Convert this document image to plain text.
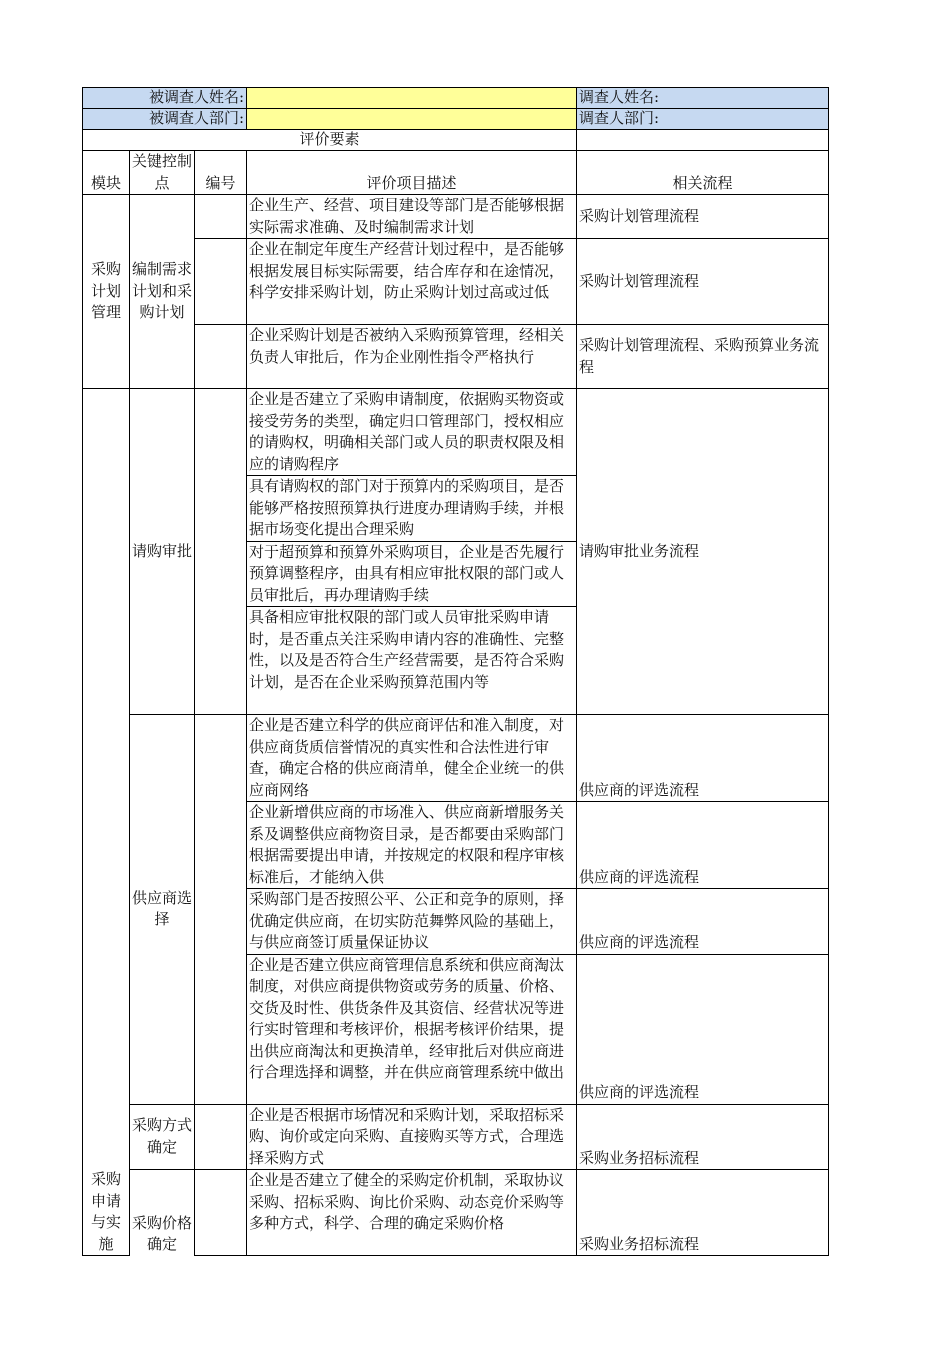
被调查人姓名:				调查人姓名:
被调查人部门:				调查人部门:
评价要素				
模块	关键控制点	编号	评价项目描述	相关流程
采购计划管理	编制需求计划和采购计划		企业生产、经营、项目建设等部门是否能够根据实际需求准确、及时编制需求计划	采购计划管理流程
			企业在制定年度生产经营计划过程中，是否能够根据发展目标实际需要，结合库存和在途情况，科学安排采购计划，防止采购计划过高或过低	采购计划管理流程
			企业采购计划是否被纳入采购预算管理，经相关负责人审批后，作为企业刚性指令严格执行	采购计划管理流程、采购预算业务流程
采购申请与实施	请购审批		企业是否建立了采购申请制度，依据购买物资或接受劳务的类型，确定归口管理部门，授权相应的请购权，明确相关部门或人员的职责权限及相应的请购程序	请购审批业务流程
			具有请购权的部门对于预算内的采购项目，是否能够严格按照预算执行进度办理请购手续，并根据市场变化提出合理采购	
			对于超预算和预算外采购项目，企业是否先履行预算调整程序，由具有相应审批权限的部门或人员审批后，再办理请购手续	
			具备相应审批权限的部门或人员审批采购申请时，是否重点关注采购申请内容的准确性、完整性，以及是否符合生产经营需要，是否符合采购计划，是否在企业采购预算范围内等	
	供应商选择		企业是否建立科学的供应商评估和准入制度，对供应商货质信誉情况的真实性和合法性进行审查，确定合格的供应商清单，健全企业统一的供应商网络	供应商的评选流程
			企业新增供应商的市场准入、供应商新增服务关系及调整供应商物资目录，是否都要由采购部门根据需要提出申请，并按规定的权限和程序审核标准后，才能纳入供	供应商的评选流程
			采购部门是否按照公平、公正和竞争的原则，择优确定供应商，在切实防范舞弊风险的基础上，与供应商签订质量保证协议	供应商的评选流程
			企业是否建立供应商管理信息系统和供应商淘汰制度，对供应商提供物资或劳务的质量、价格、交货及时性、供货条件及其资信、经营状况等进行实时管理和考核评价，根据考核评价结果，提出供应商淘汰和更换清单，经审批后对供应商进行合理选择和调整，并在供应商管理系统中做出	供应商的评选流程
	采购方式确定		企业是否根据市场情况和采购计划，采取招标采购、询价或定向采购、直接购买等方式，合理选择采购方式	采购业务招标流程
	采购价格确定		企业是否建立了健全的采购定价机制，采取协议采购、招标采购、询比价采购、动态竞价采购等多种方式，科学、合理的确定采购价格	采购业务招标流程
